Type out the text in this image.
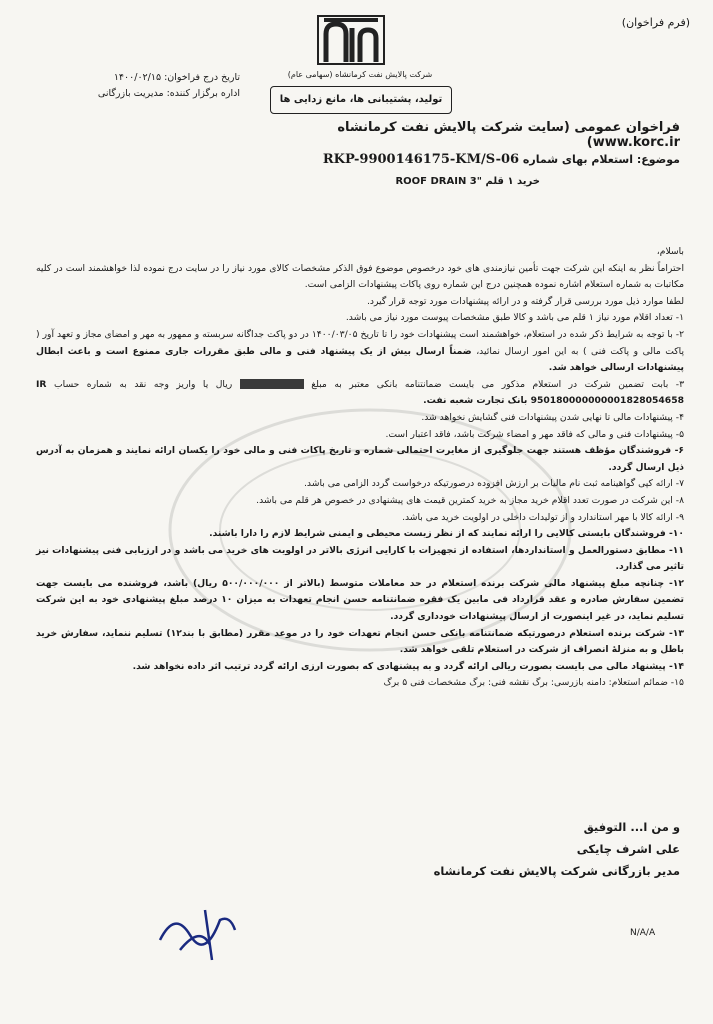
(فرم فراخوان)
شرکت پالایش نفت کرمانشاه (سهامی عام)
تولید، پشتیبانی ها، مانع زدایی ها
تاریخ درج فراخوان: ۱۴۰۰/۰۲/۱۵
اداره برگزار کننده: مدیریت بازرگانی
فراخوان عمومی (سایت شرکت پالایش نفت کرمانشاه www.korc.ir)
موضوع: استعلام بهای شماره RKP-9900146175-KM/S-06
خرید ۱ قلم "ROOF DRAIN 3

باسلام،

احتراماً نظر به اینکه این شرکت جهت تأمین نیازمندی های خود درخصوص موضوع فوق الذکر مشخصات کالای مورد نیاز را در سایت درج نموده لذا خواهشمند است در کلیه مکاتبات به شماره استعلام اشاره نموده همچنین درج این شماره روی پاکات پیشنهادات الزامی است.

لطفا موارد ذیل مورد بررسی قرار گرفته و در ارائه پیشنهادات مورد توجه قرار گیرد.

۱- تعداد اقلام مورد نیاز ۱ قلم می باشد و کالا طبق مشخصات پیوست مورد نیاز می باشد.

۲- با توجه به شرایط ذکر شده در استعلام، خواهشمند است پیشنهادات خود را تا تاریخ ۱۴۰۰/۰۳/۰۵ در دو پاکت جداگانه سربسته و ممهور به مهر و امضای مجاز و تعهد آور ( پاکت مالی و پاکت فنی ) به این امور ارسال نمائید، ضمناً ارسال بیش از یک پیشنهاد فنی و مالی طبق مقررات جاری ممنوع است و باعث ابطال پیشنهادات ارسالی خواهد شد.

۳- بابت تضمین شرکت در استعلام مذکور می بایست ضمانتنامه بانکی معتبر به مبلغ  ریال یا واریز وجه نقد به شماره حساب IR 950180000000001828054658 بانک تجارت شعبه نفت.

۴- پیشنهادات مالی تا نهایی شدن پیشنهادات فنی گشایش نخواهد شد.

۵- پیشنهادات فنی و مالی که فاقد مهر و امضاء شرکت باشد، فاقد اعتبار است.

۶- فروشندگان مؤظف هستند جهت جلوگیری از مغایرت احتمالی شماره و تاریخ پاکات فنی و مالی خود را یکسان ارائه نمایند و همزمان به آدرس ذیل ارسال گردد.

۷- ارائه کپی گواهینامه ثبت نام مالیات بر ارزش افزوده درصورتیکه درخواست گردد الزامی می باشد.

۸- این شرکت در صورت تعدد اقلام خرید مجاز به خرید کمترین قیمت های پیشنهادی در خصوص هر قلم می باشد.

۹- ارائه کالا با مهر استاندارد و از تولیدات داخلی در اولویت خرید می باشد.

۱۰- فروشندگان بایستی کالایی را ارائه نمایند که از نظر زیست محیطی و ایمنی شرایط لازم را دارا باشند.

۱۱- مطابق دستورالعمل و استانداردها، استفاده از تجهیزات با کارایی انرژی بالاتر در اولویت های خرید می باشد و در ارزیابی فنی پیشنهادات نیز تاثیر می گذارد.

۱۲- چنانچه مبلغ پیشنهاد مالی شرکت برنده استعلام در حد معاملات متوسط (بالاتر از ۵۰۰/۰۰۰/۰۰۰ ریال) باشد، فروشنده می بایست جهت تضمین سفارش صادره و عقد قرارداد فی مابین یک فقره ضمانتنامه حسن انجام تعهدات به میزان ۱۰ درصد مبلغ پیشنهادی خود به این شرکت تسلیم نماید، در غیر اینصورت از ارسال پیشنهادات خودداری گردد.

۱۳- شرکت برنده استعلام درصورتیکه ضمانتنامه بانکی حسن انجام تعهدات خود را در موعد مقرر (مطابق با بند۱۲) تسلیم ننماید، سفارش خرید باطل و به منزلهٔ انصراف از شرکت در استعلام تلقی خواهد شد.

۱۴- پیشنهاد مالی می بایست بصورت ریالی ارائه گردد و به پیشنهادی که بصورت ارزی ارائه گردد ترتیب اثر داده نخواهد شد.

۱۵- ضمائم استعلام: دامنه بازرسی: برگ نقشه فنی: برگ مشخصات فنی ۵ برگ

و من ا... التوفیق
علی اشرف چایکی
مدیر بازرگانی شرکت پالایش نفت کرمانشاه
N/A/A
